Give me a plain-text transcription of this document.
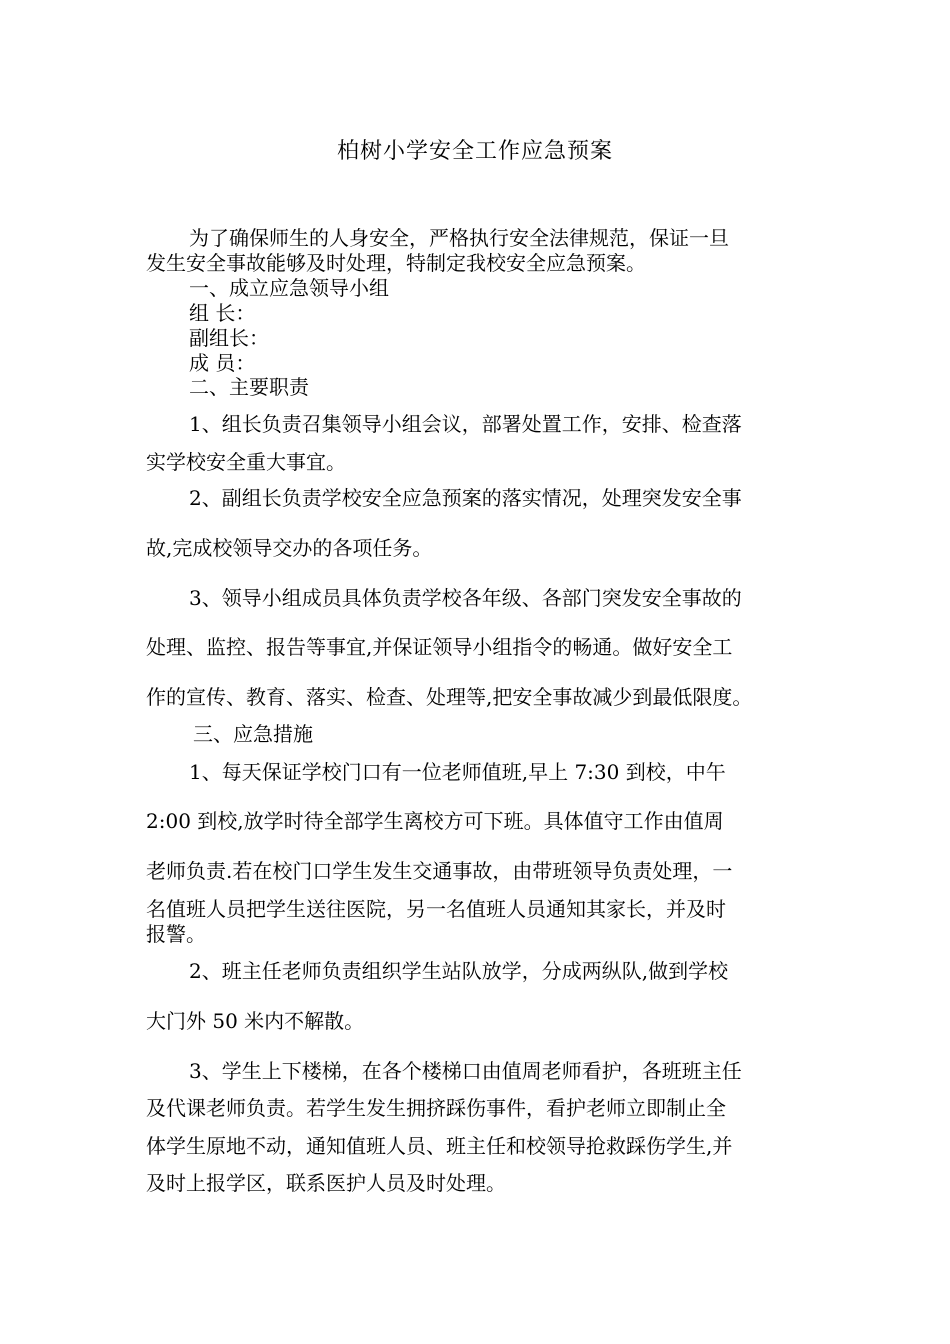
柏树小学安全工作应急预案
为了确保师生的人身安全，严格执行安全法律规范，保证一旦
发生安全事故能够及时处理，特制定我校安全应急预案。
一、成立应急领导小组
组 长：
副组长：
成 员：
二、主要职责
1、组长负责召集领导小组会议，部署处置工作，安排、检查落
实学校安全重大事宜。
2、副组长负责学校安全应急预案的落实情况，处理突发安全事
故,完成校领导交办的各项任务。
3、领导小组成员具体负责学校各年级、各部门突发安全事故的
处理、监控、报告等事宜,并保证领导小组指令的畅通。做好安全工
作的宣传、教育、落实、检查、处理等,把安全事故减少到最低限度。
三、应急措施
1、每天保证学校门口有一位老师值班,早上 7:30 到校，中午
2:00 到校,放学时待全部学生离校方可下班。具体值守工作由值周
老师负责.若在校门口学生发生交通事故，由带班领导负责处理，一
名值班人员把学生送往医院，另一名值班人员通知其家长，并及时
报警。
2、班主任老师负责组织学生站队放学，分成两纵队,做到学校
大门外 50 米内不解散。
3、学生上下楼梯，在各个楼梯口由值周老师看护，各班班主任
及代课老师负责。若学生发生拥挤踩伤事件，看护老师立即制止全
体学生原地不动，通知值班人员、班主任和校领导抢救踩伤学生,并
及时上报学区，联系医护人员及时处理。
